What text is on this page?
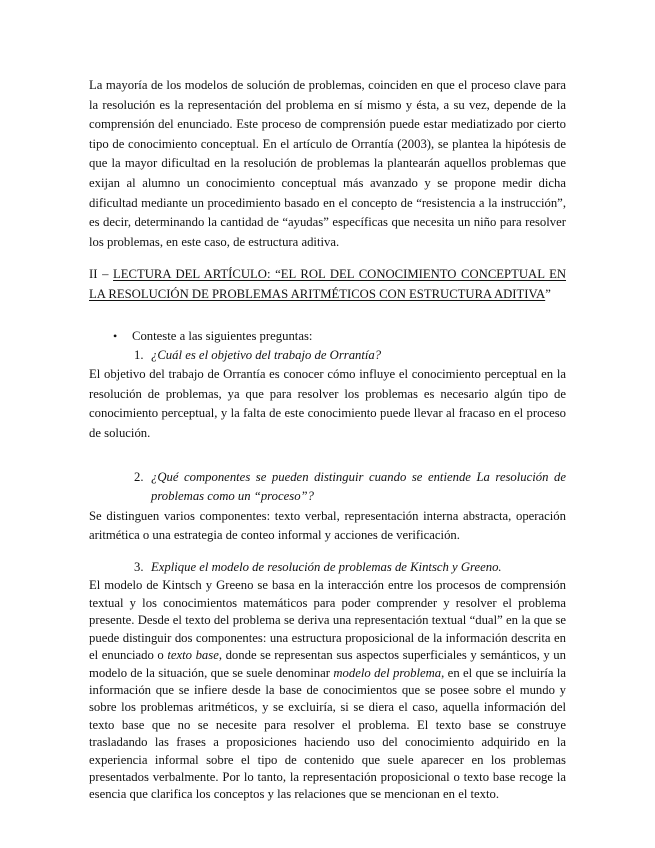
La mayoría de los modelos de solución de problemas, coinciden en que el proceso clave para la resolución es la representación del problema en sí mismo y ésta, a su vez, depende de la comprensión del enunciado. Este proceso de comprensión puede estar mediatizado por cierto tipo de conocimiento conceptual. En el artículo de Orrantía (2003), se plantea la hipótesis de que la mayor dificultad en la resolución de problemas la plantearán aquellos problemas que exijan al alumno un conocimiento conceptual más avanzado y se propone medir dicha dificultad mediante un procedimiento basado en el concepto de “resistencia a la instrucción”, es decir, determinando la cantidad de “ayudas” específicas que necesita un niño para resolver los problemas, en este caso, de estructura aditiva.

II – LECTURA DEL ARTÍCULO: “EL ROL DEL CONOCIMIENTO CONCEPTUAL EN LA RESOLUCIÓN DE PROBLEMAS ARITMÉTICOS CON ESTRUCTURA ADITIVA”

•	Conteste a las siguientes preguntas:
1. ¿Cuál es el objetivo del trabajo de Orrantía?

El objetivo del trabajo de Orrantía es conocer cómo influye el conocimiento perceptual en la resolución de problemas, ya que para resolver los problemas es necesario algún tipo de conocimiento perceptual, y la falta de este conocimiento puede llevar al fracaso en el proceso de solución.

2. ¿Qué componentes se pueden distinguir cuando se entiende La resolución de problemas como un “proceso”?

Se distinguen varios componentes: texto verbal, representación interna abstracta, operación aritmética o una estrategia de conteo informal y acciones de verificación.

3. Explique el modelo de resolución de problemas de Kintsch y Greeno.

El modelo de Kintsch y Greeno se basa en la interacción entre los procesos de comprensión textual y los conocimientos matemáticos para poder comprender y resolver el problema presente. Desde el texto del problema se deriva una representación textual “dual” en la que se puede distinguir dos componentes: una estructura proposicional de la información descrita en el enunciado o texto base, donde se representan sus aspectos superficiales y semánticos, y un modelo de la situación, que se suele denominar modelo del problema, en el que se incluiría la información que se infiere desde la base de conocimientos que se posee sobre el mundo y sobre los problemas aritméticos, y se excluiría, si se diera el caso, aquella información del texto base que no se necesite para resolver el problema. El texto base se construye trasladando las frases a proposiciones haciendo uso del conocimiento adquirido en la experiencia informal sobre el tipo de contenido que suele aparecer en los problemas presentados verbalmente. Por lo tanto, la representación proposicional o texto base recoge la esencia que clarifica los conceptos y las relaciones que se mencionan en el texto.
